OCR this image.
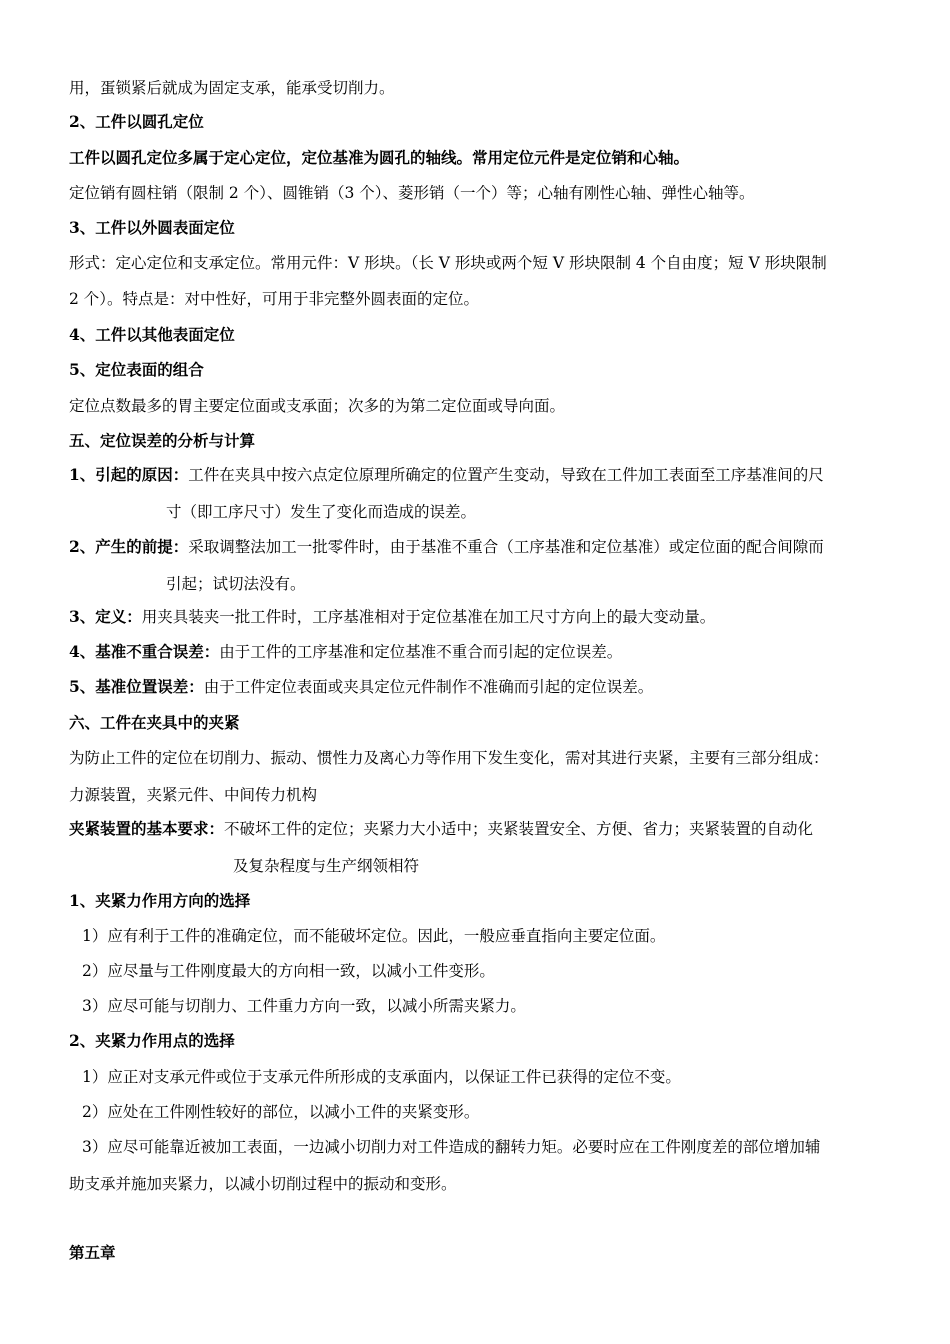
用，蛋锁紧后就成为固定支承，能承受切削力。
2、工件以圆孔定位
工件以圆孔定位多属于定心定位，定位基准为圆孔的轴线。常用定位元件是定位销和心轴。
定位销有圆柱销（限制 2 个）、圆锥销（3 个）、菱形销（一个）等；心轴有刚性心轴、弹性心轴等。
3、工件以外圆表面定位
形式：定心定位和支承定位。常用元件：V 形块。（长 V 形块或两个短 V 形块限制 4 个自由度；短 V 形块限制
2 个）。特点是：对中性好，可用于非完整外圆表面的定位。
4、工件以其他表面定位
5、定位表面的组合
定位点数最多的胃主要定位面或支承面；次多的为第二定位面或导向面。
五、定位误差的分析与计算
1、引起的原因：工件在夹具中按六点定位原理所确定的位置产生变动，导致在工件加工表面至工序基准间的尺
寸（即工序尺寸）发生了变化而造成的误差。
2、产生的前提：采取调整法加工一批零件时，由于基准不重合（工序基准和定位基准）或定位面的配合间隙而
引起；试切法没有。
3、定义：用夹具装夹一批工件时，工序基准相对于定位基准在加工尺寸方向上的最大变动量。
4、基准不重合误差：由于工件的工序基准和定位基准不重合而引起的定位误差。
5、基准位置误差：由于工件定位表面或夹具定位元件制作不准确而引起的定位误差。
六、工件在夹具中的夹紧
为防止工件的定位在切削力、振动、惯性力及离心力等作用下发生变化，需对其进行夹紧，主要有三部分组成：
力源装置，夹紧元件、中间传力机构
夹紧装置的基本要求：不破坏工件的定位；夹紧力大小适中；夹紧装置安全、方便、省力；夹紧装置的自动化
及复杂程度与生产纲领相符
1、夹紧力作用方向的选择
1）应有利于工件的准确定位，而不能破坏定位。因此，一般应垂直指向主要定位面。
2）应尽量与工件刚度最大的方向相一致，以减小工件变形。
3）应尽可能与切削力、工件重力方向一致，以减小所需夹紧力。
2、夹紧力作用点的选择
1）应正对支承元件或位于支承元件所形成的支承面内，以保证工件已获得的定位不变。
2）应处在工件刚性较好的部位，以减小工件的夹紧变形。
3）应尽可能靠近被加工表面，一边减小切削力对工件造成的翻转力矩。必要时应在工件刚度差的部位增加辅
助支承并施加夹紧力，以减小切削过程中的振动和变形。
第五章
